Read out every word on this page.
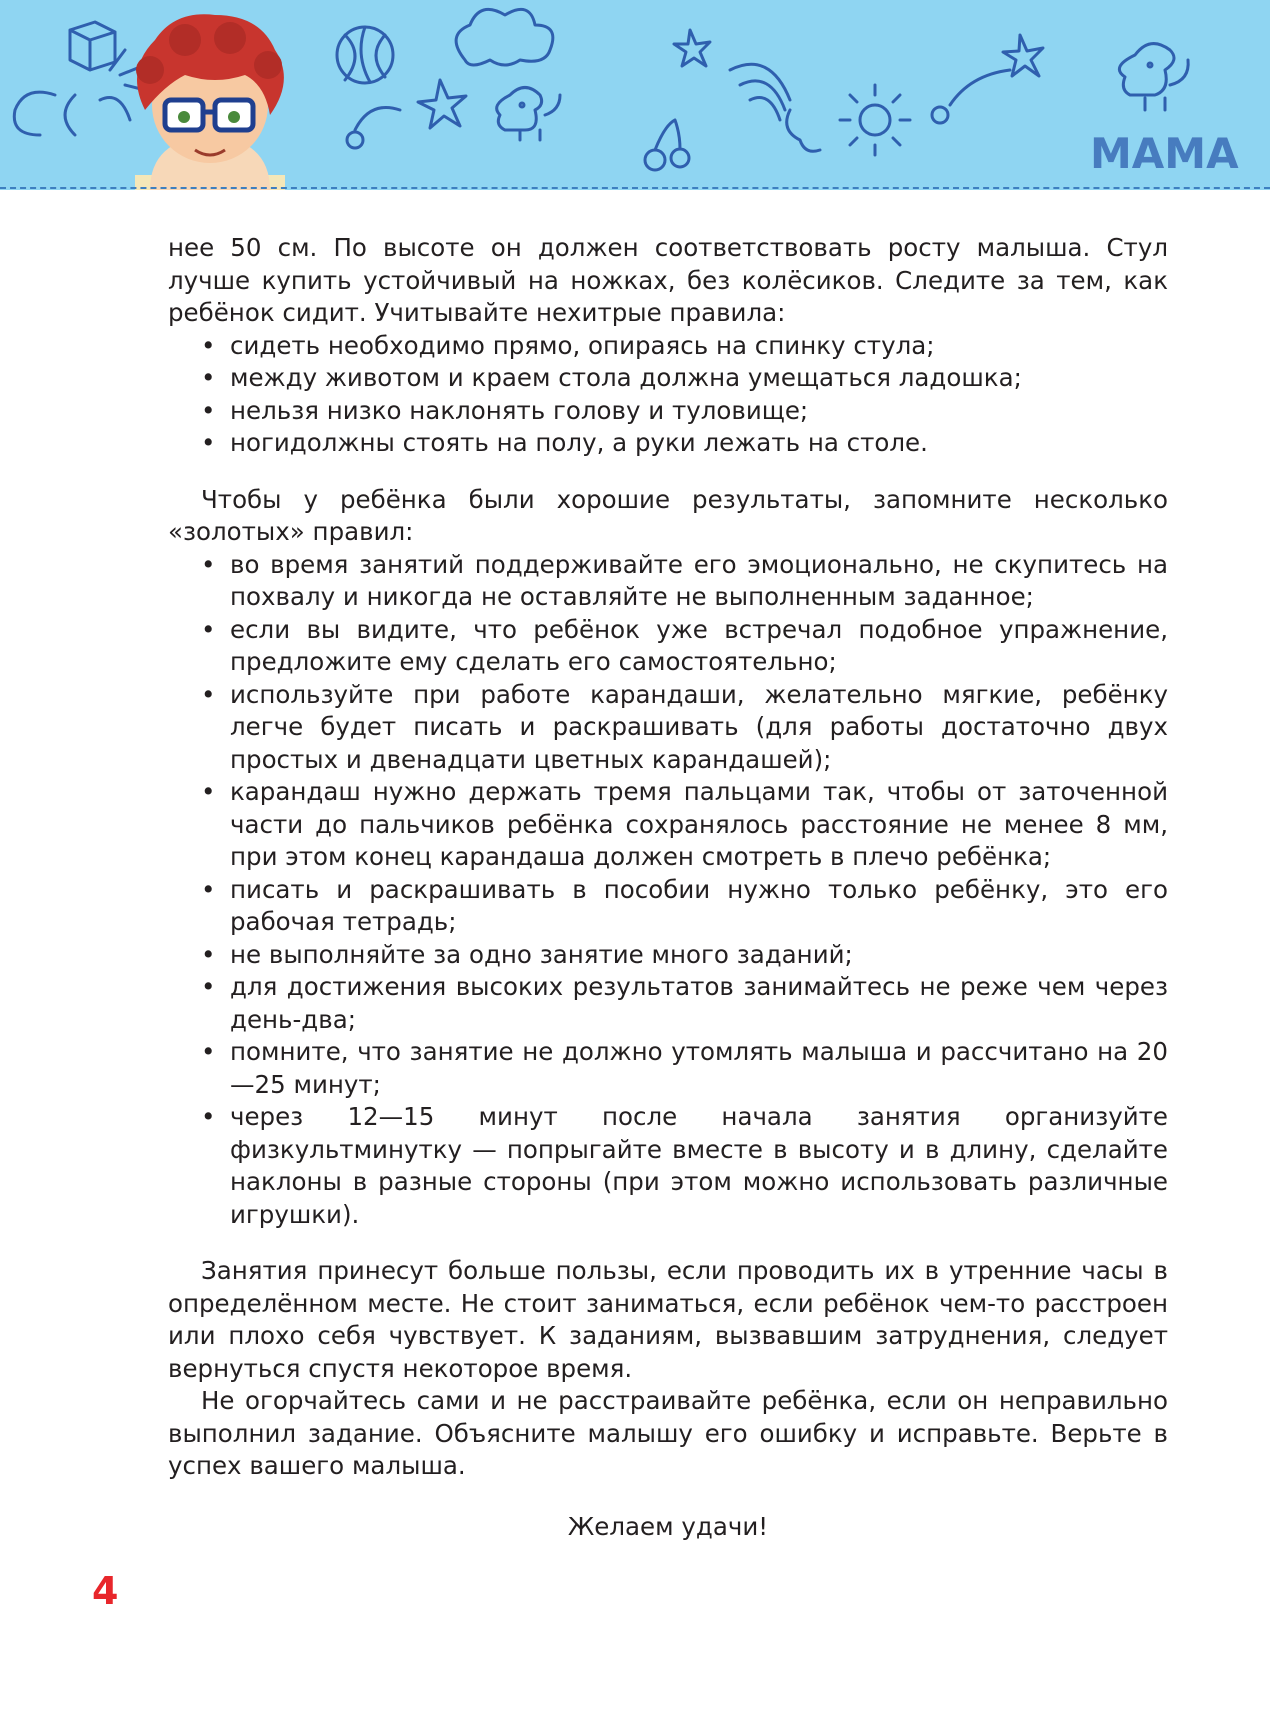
МАМА

нее 50 см. По высоте он должен соответствовать росту малыша. Стул лучше купить устойчивый на ножках, без колёсиков. Следите за тем, как ребёнок сидит. Учитывайте нехитрые правила:

• сидеть необходимо прямо, опираясь на спинку стула;
• между животом и краем стола должна умещаться ладошка;
• нельзя низко наклонять голову и туловище;
• ногидолжны стоять на полу, а руки лежать на столе.

Чтобы у ребёнка были хорошие результаты, запомните несколько «золотых» правил:

• во время занятий поддерживайте его эмоционально, не скупитесь на похвалу и никогда не оставляйте не выполненным заданное;
• если вы видите, что ребёнок уже встречал подобное упражнение, предложите ему сделать его самостоятельно;
• используйте при работе карандаши, желательно мягкие, ребёнку легче будет писать и раскрашивать (для работы достаточно двух простых и двенадцати цветных карандашей);
• карандаш нужно держать тремя пальцами так, чтобы от заточенной части до пальчиков ребёнка сохранялось расстояние не менее 8 мм, при этом конец карандаша должен смотреть в плечо ребёнка;
• писать и раскрашивать в пособии нужно только ребёнку, это его рабочая тетрадь;
• не выполняйте за одно занятие много заданий;
• для достижения высоких результатов занимайтесь не реже чем через день-два;
• помните, что занятие не должно утомлять малыша и рассчитано на 20—25 минут;
• через 12—15 минут после начала занятия организуйте физкультминутку — попрыгайте вместе в высоту и в длину, сделайте наклоны в разные стороны (при этом можно использовать различные игрушки).

Занятия принесут больше пользы, если проводить их в утренние часы в определённом месте. Не стоит заниматься, если ребёнок чем-то расстроен или плохо себя чувствует. К заданиям, вызвавшим затруднения, следует вернуться спустя некоторое время.

Не огорчайтесь сами и не расстраивайте ребёнка, если он неправильно выполнил задание. Объясните малышу его ошибку и исправьте. Верьте в успех вашего малыша.

Желаем удачи!

4
